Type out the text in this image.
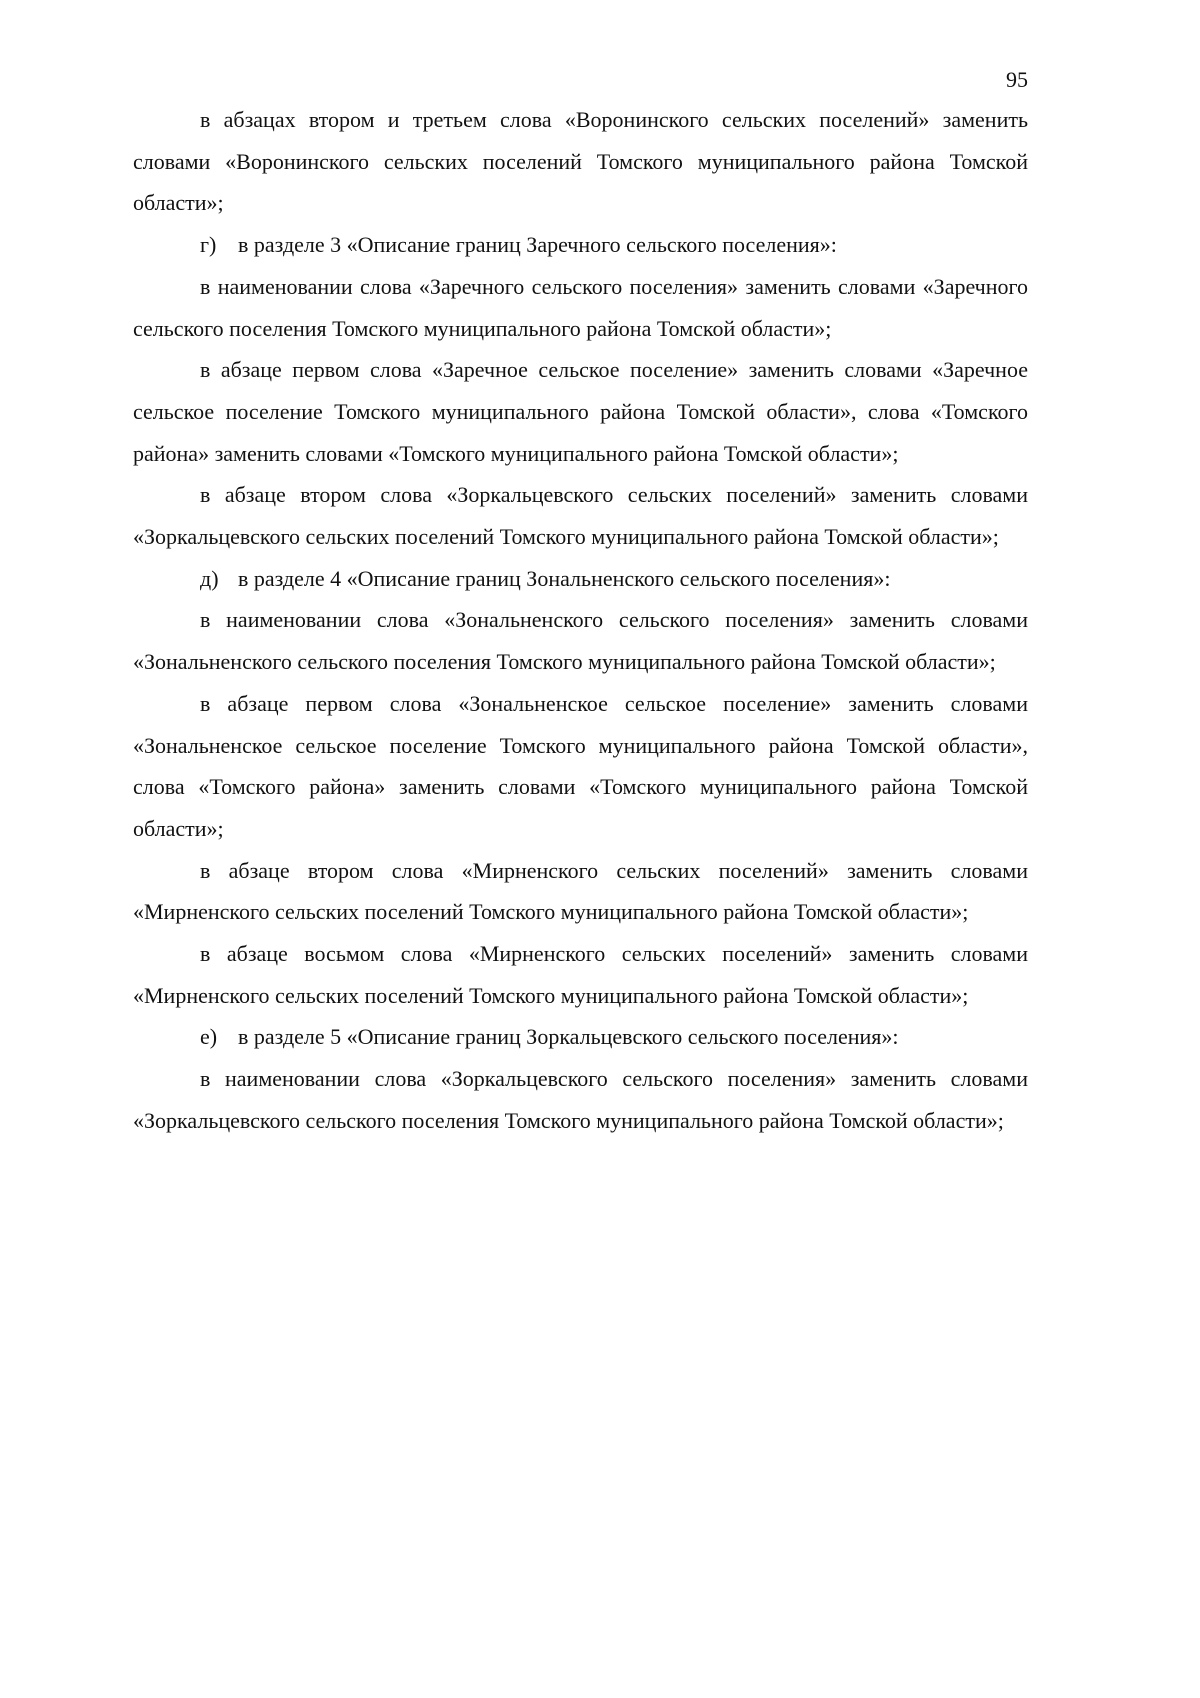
95

в абзацах втором и третьем слова «Воронинского сельских поселений» заменить словами «Воронинского сельских поселений Томского муниципального района Томской области»;

г) в разделе 3 «Описание границ Заречного сельского поселения»:

в наименовании слова «Заречного сельского поселения» заменить словами «Заречного сельского поселения Томского муниципального района Томской области»;

в абзаце первом слова «Заречное сельское поселение» заменить словами «Заречное сельское поселение Томского муниципального района Томской области», слова «Томского района» заменить словами «Томского муниципального района Томской области»;

в абзаце втором слова «Зоркальцевского сельских поселений» заменить словами «Зоркальцевского сельских поселений Томского муниципального района Томской области»;

д) в разделе 4 «Описание границ Зональненского сельского поселения»:

в наименовании слова «Зональненского сельского поселения» заменить словами «Зональненского сельского поселения Томского муниципального района Томской области»;

в абзаце первом слова «Зональненское сельское поселение» заменить словами «Зональненское сельское поселение Томского муниципального района Томской области», слова «Томского района» заменить словами «Томского муниципального района Томской области»;

в абзаце втором слова «Мирненского сельских поселений» заменить словами «Мирненского сельских поселений Томского муниципального района Томской области»;

в абзаце восьмом слова «Мирненского сельских поселений» заменить словами «Мирненского сельских поселений Томского муниципального района Томской области»;

е) в разделе 5 «Описание границ Зоркальцевского сельского поселения»:

в наименовании слова «Зоркальцевского сельского поселения» заменить словами «Зоркальцевского сельского поселения Томского муниципального района Томской области»;
